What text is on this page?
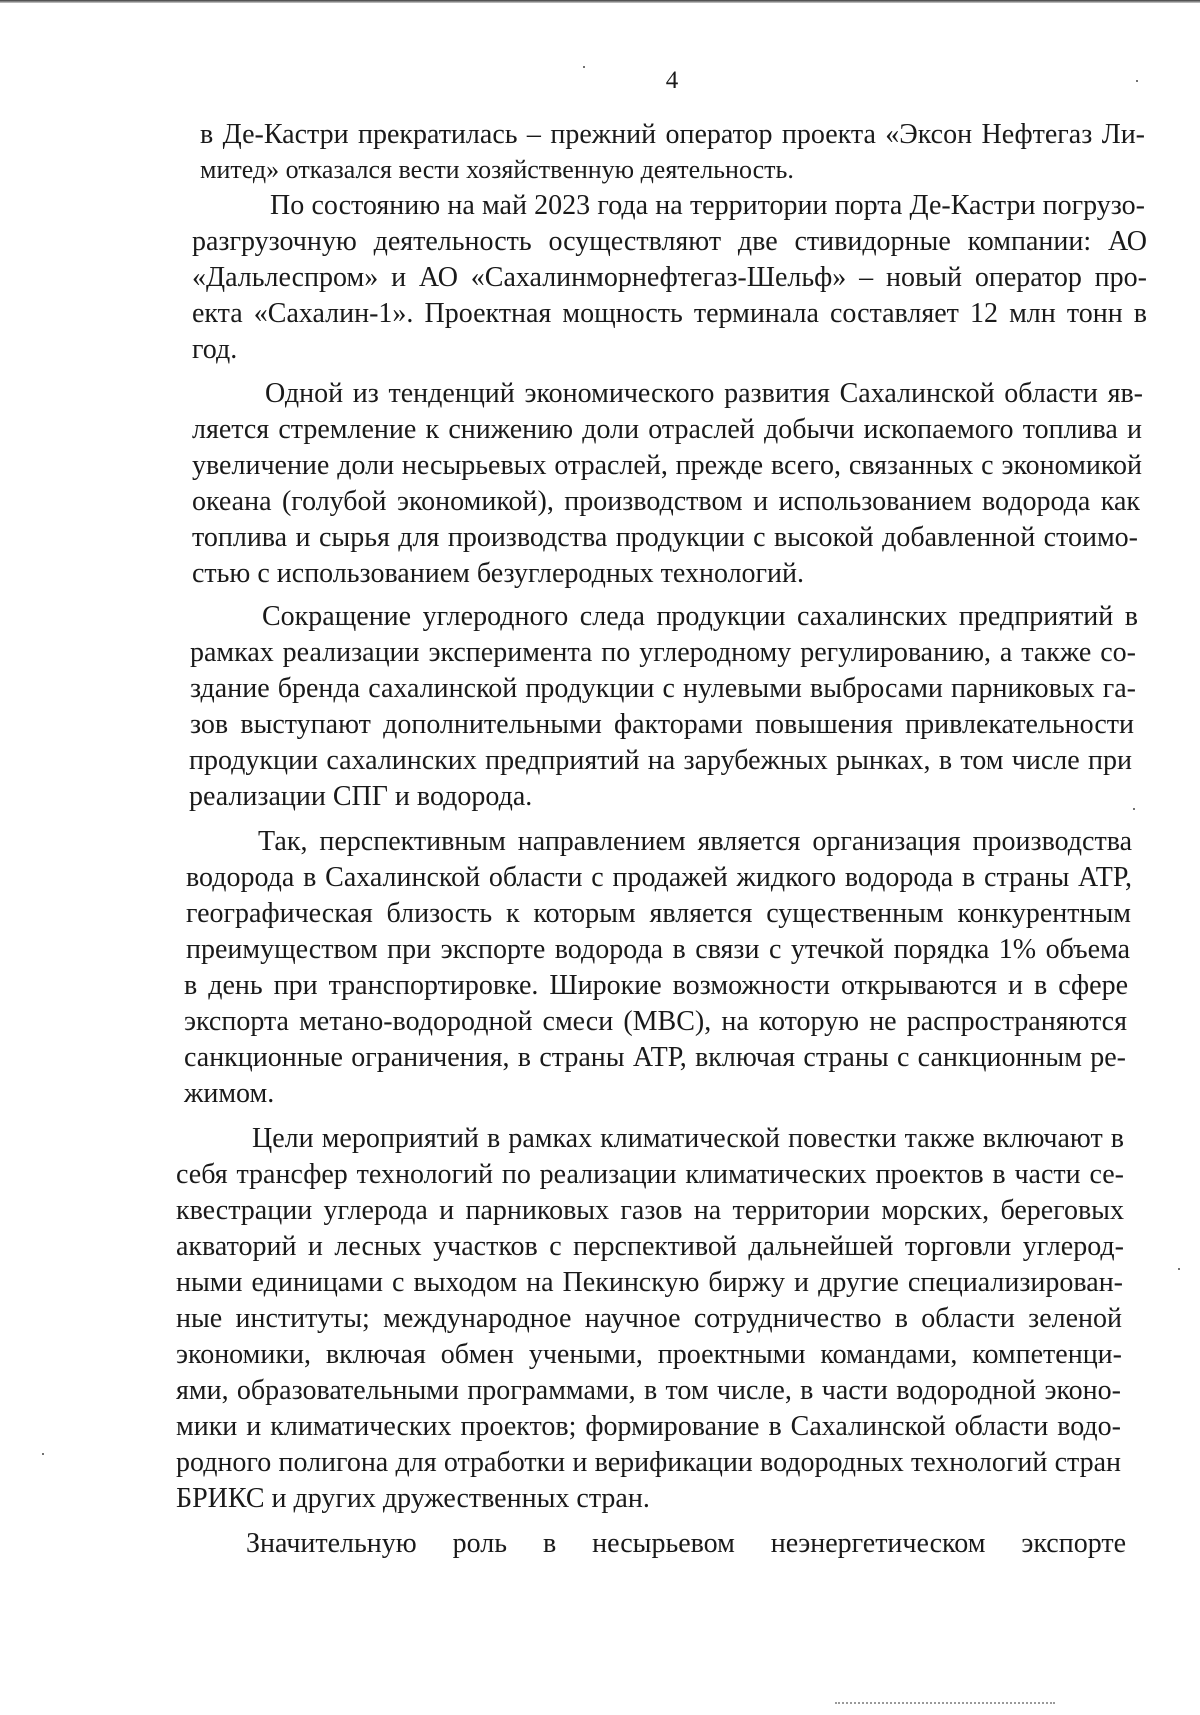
4
в Де-Кастри прекратилась – прежний оператор проекта «Эксон Нефтегаз Ли-
митед» отказался вести хозяйственную деятельность.
По состоянию на май 2023 года на территории порта Де-Кастри погрузо-
разгрузочную деятельность осуществляют две стивидорные компании: АО
«Дальлеспром» и АО «Сахалинморнефтегаз-Шельф» – новый оператор про-
екта «Сахалин-1». Проектная мощность терминала составляет 12 млн тонн в
год.
Одной из тенденций экономического развития Сахалинской области яв-
ляется стремление к снижению доли отраслей добычи ископаемого топлива и
увеличение доли несырьевых отраслей, прежде всего, связанных с экономикой
океана (голубой экономикой), производством и использованием водорода как
топлива и сырья для производства продукции с высокой добавленной стоимо-
стью с использованием безуглеродных технологий.
Сокращение углеродного следа продукции сахалинских предприятий в
рамках реализации эксперимента по углеродному регулированию, а также со-
здание бренда сахалинской продукции с нулевыми выбросами парниковых га-
зов выступают дополнительными факторами повышения привлекательности
продукции сахалинских предприятий на зарубежных рынках, в том числе при
реализации СПГ и водорода.
Так, перспективным направлением является организация производства
водорода в Сахалинской области с продажей жидкого водорода в страны АТР,
географическая близость к которым является существенным конкурентным
преимуществом при экспорте водорода в связи с утечкой порядка 1% объема
в день при транспортировке. Широкие возможности открываются и в сфере
экспорта метано-водородной смеси (МВС), на которую не распространяются
санкционные ограничения, в страны АТР, включая страны с санкционным ре-
жимом.
Цели мероприятий в рамках климатической повестки также включают в
себя трансфер технологий по реализации климатических проектов в части се-
квестрации углерода и парниковых газов на территории морских, береговых
акваторий и лесных участков с перспективой дальнейшей торговли углерод-
ными единицами с выходом на Пекинскую биржу и другие специализирован-
ные институты; международное научное сотрудничество в области зеленой
экономики, включая обмен учеными, проектными командами, компетенци-
ями, образовательными программами, в том числе, в части водородной эконо-
мики и климатических проектов; формирование в Сахалинской области водо-
родного полигона для отработки и верификации водородных технологий стран
БРИКС и других дружественных стран.
Значительную роль в несырьевом неэнергетическом экспорте
